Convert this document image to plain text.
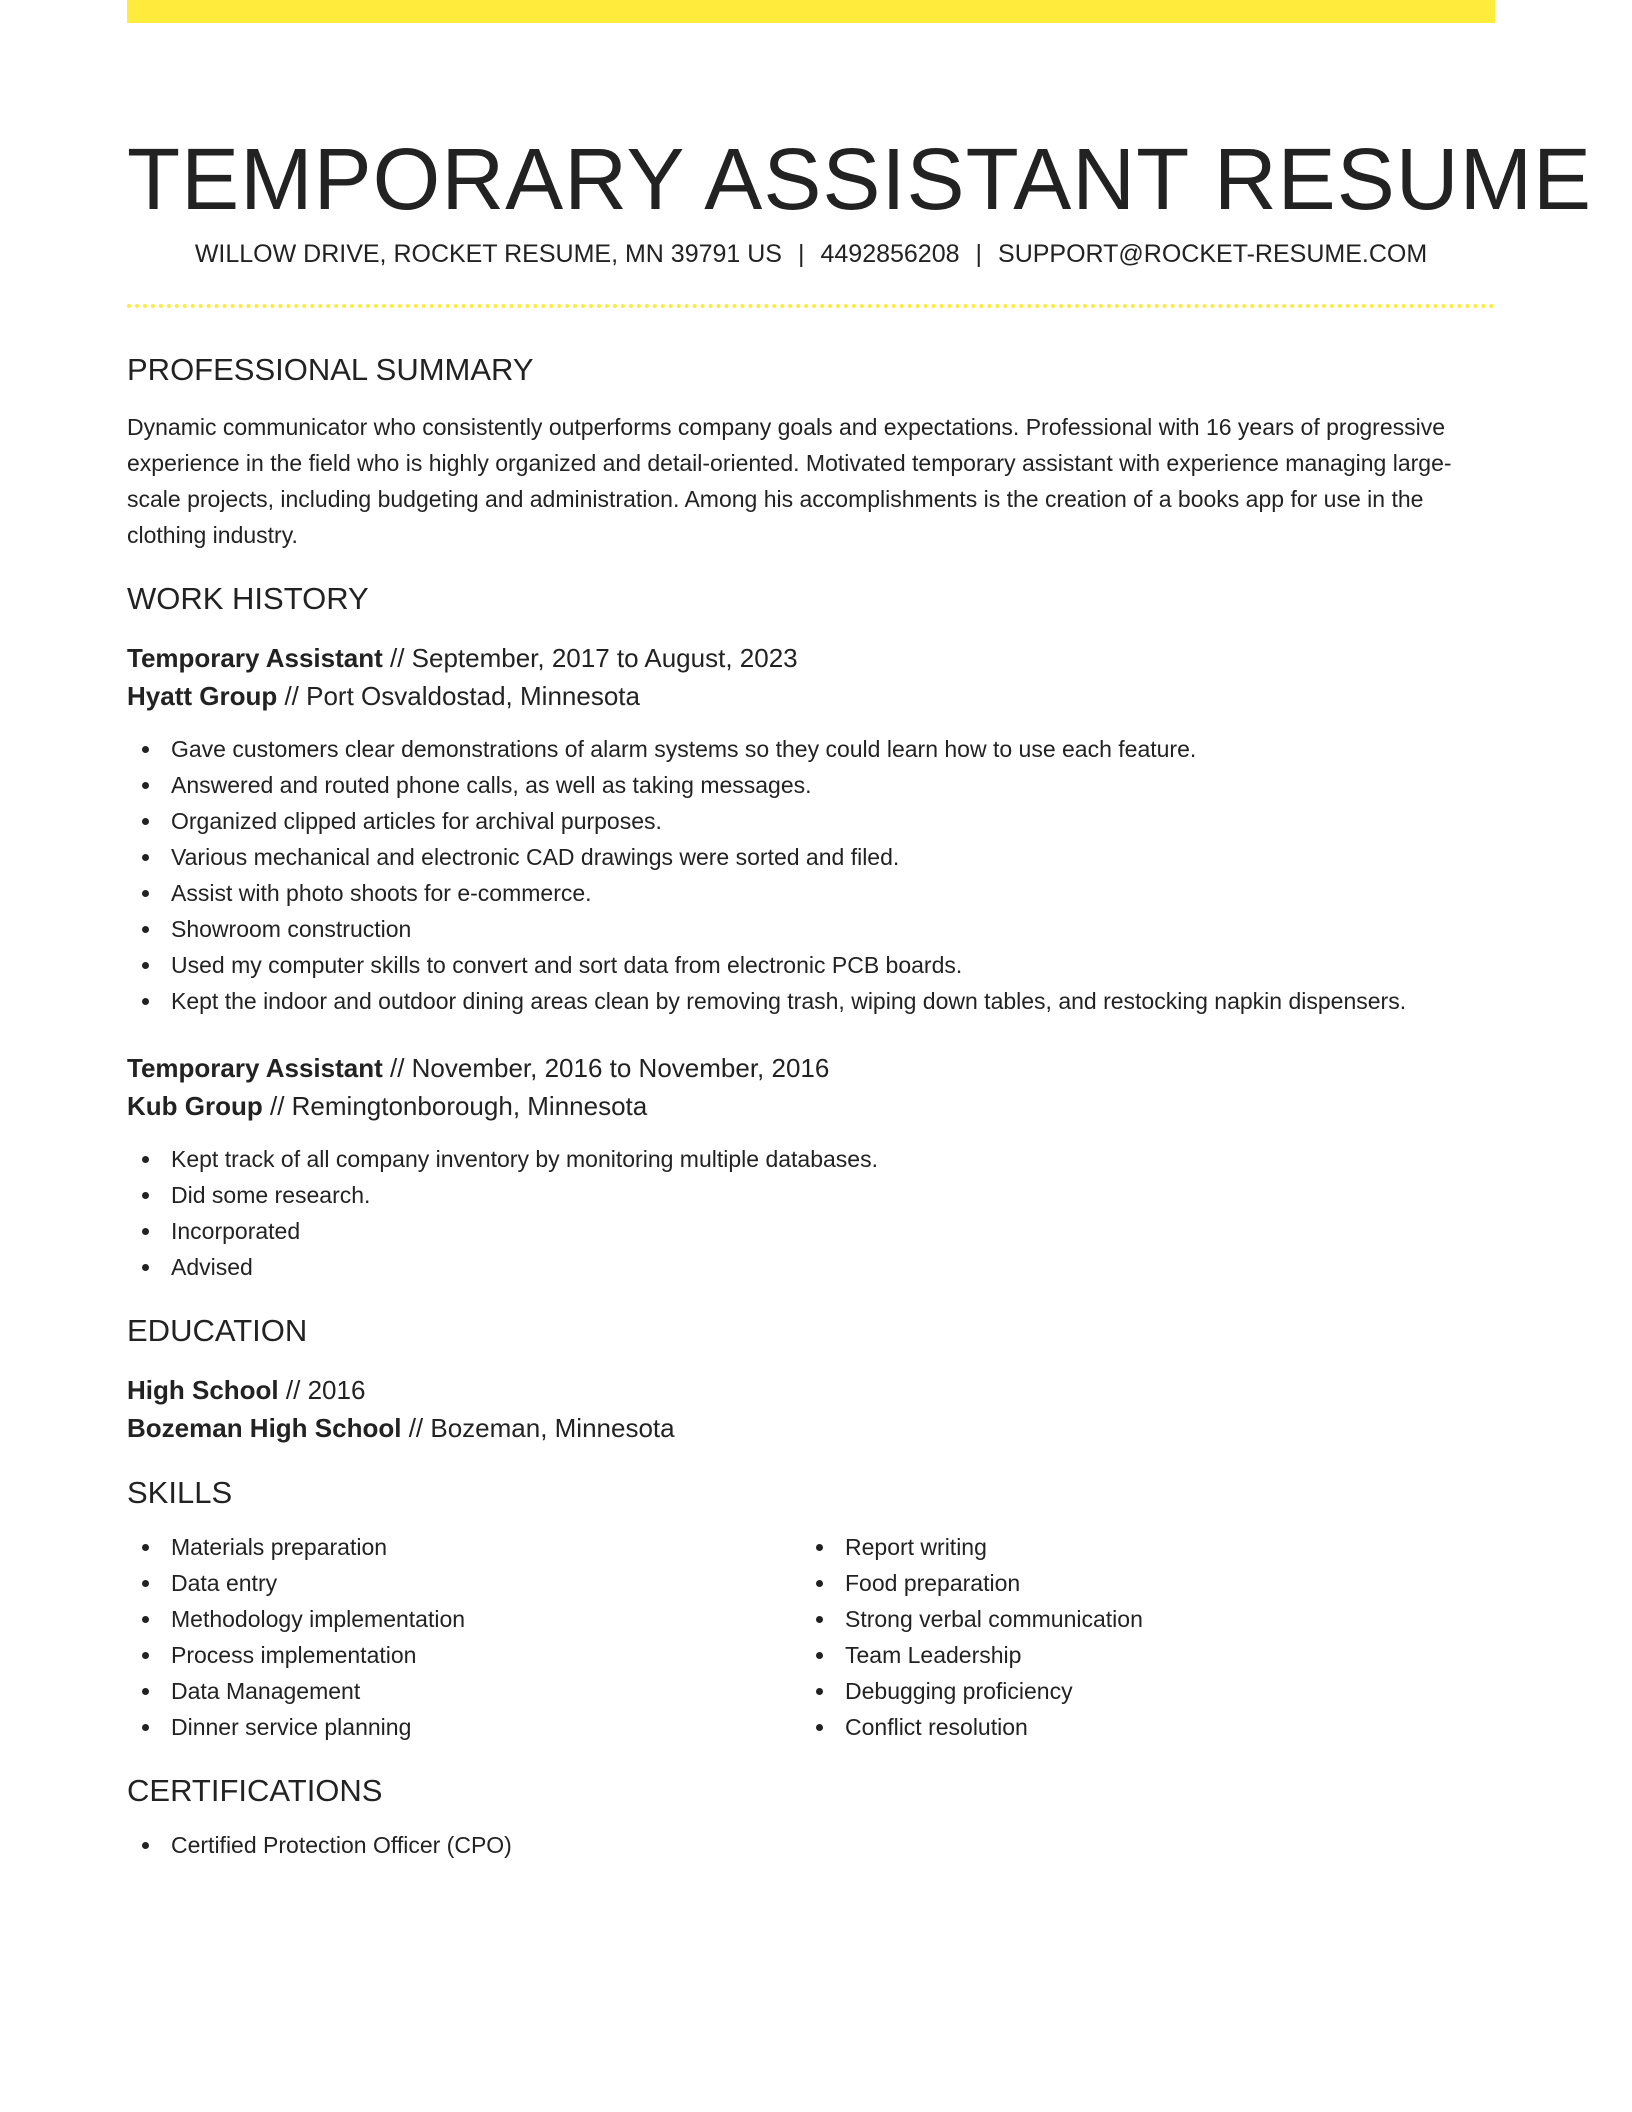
TEMPORARY ASSISTANT RESUME
WILLOW DRIVE, ROCKET RESUME, MN 39791 US | 4492856208 | SUPPORT@ROCKET-RESUME.COM
PROFESSIONAL SUMMARY

Dynamic communicator who consistently outperforms company goals and expectations. Professional with 16 years of progressive experience in the field who is highly organized and detail-oriented. Motivated temporary assistant with experience managing large-scale projects, including budgeting and administration. Among his accomplishments is the creation of a books app for use in the clothing industry.

WORK HISTORY

Temporary Assistant // September, 2017 to August, 2023

Hyatt Group // Port Osvaldostad, Minnesota

Gave customers clear demonstrations of alarm systems so they could learn how to use each feature.
Answered and routed phone calls, as well as taking messages.
Organized clipped articles for archival purposes.
Various mechanical and electronic CAD drawings were sorted and filed.
Assist with photo shoots for e-commerce.
Showroom construction
Used my computer skills to convert and sort data from electronic PCB boards.
Kept the indoor and outdoor dining areas clean by removing trash, wiping down tables, and restocking napkin dispensers.

Temporary Assistant // November, 2016 to November, 2016

Kub Group // Remingtonborough, Minnesota

Kept track of all company inventory by monitoring multiple databases.
Did some research.
Incorporated
Advised
EDUCATION

High School // 2016

Bozeman High School // Bozeman, Minnesota

SKILLS
Materials preparation
Data entry
Methodology implementation
Process implementation
Data Management
Dinner service planning
Report writing
Food preparation
Strong verbal communication
Team Leadership
Debugging proficiency
Conflict resolution
CERTIFICATIONS
Certified Protection Officer (CPO)
